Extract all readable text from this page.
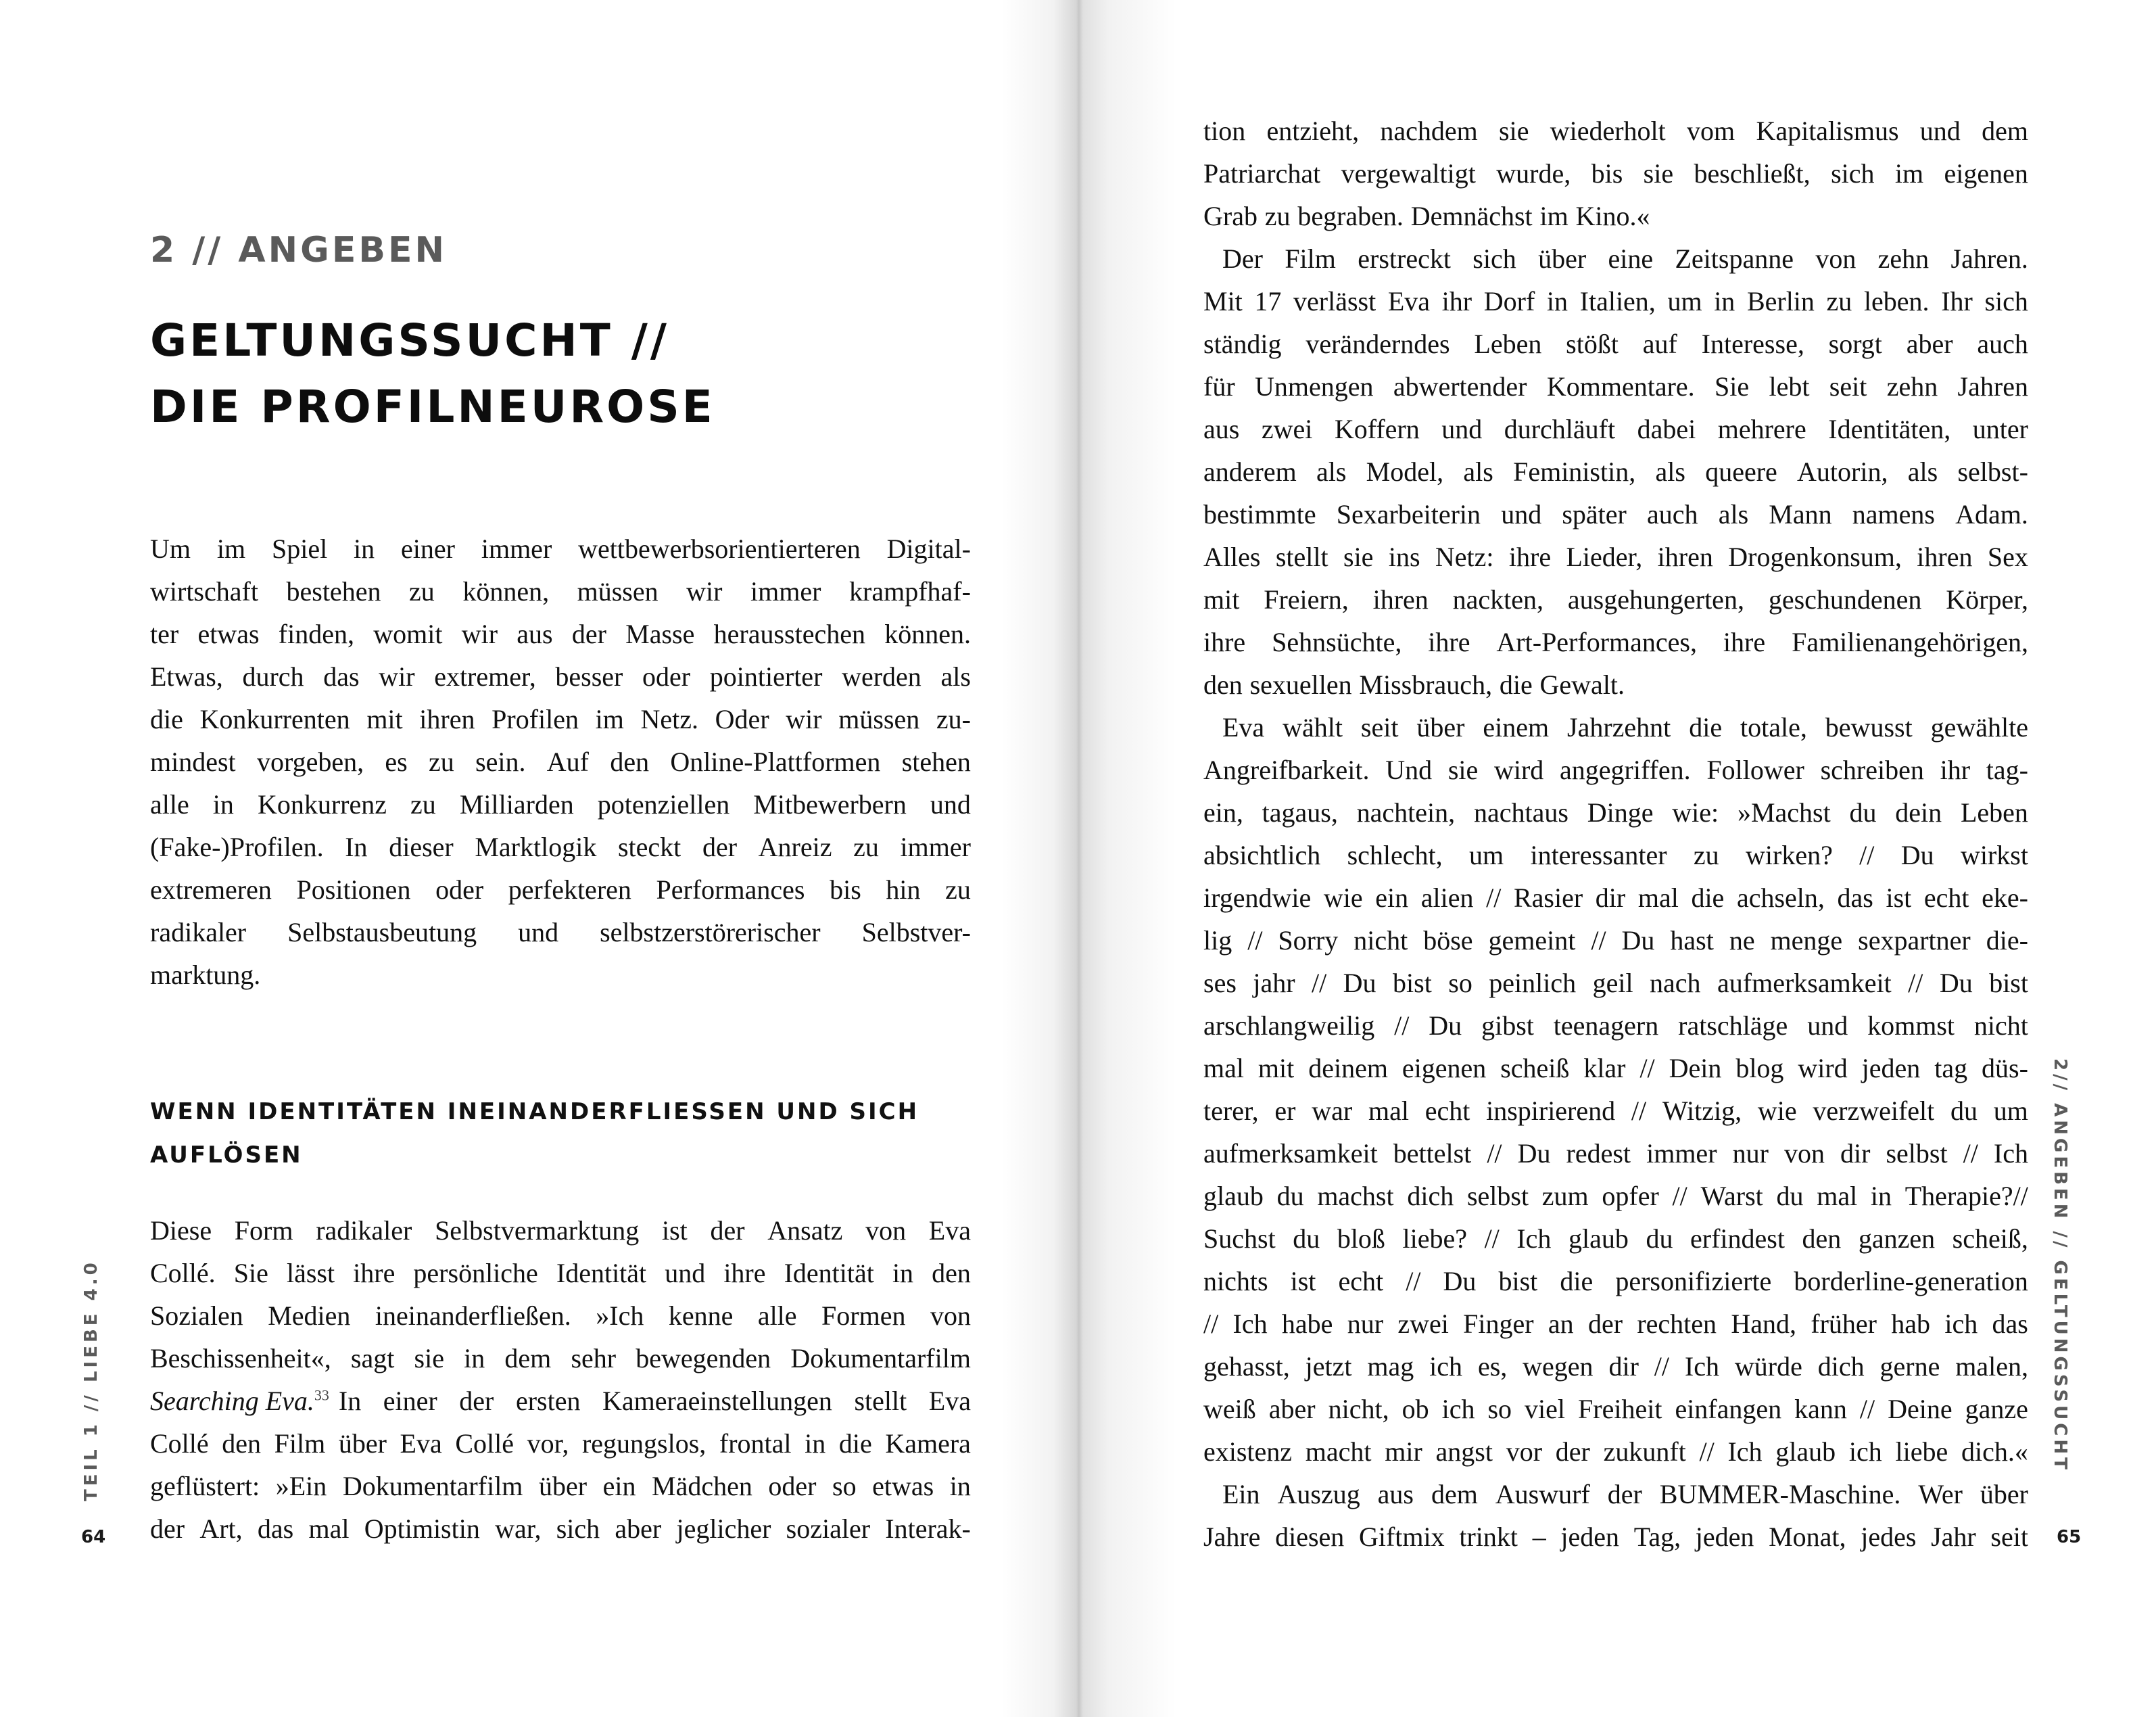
2 // ANGEBEN
GELTUNGSSUCHT //
DIE PROFILNEUROSE
Um im Spiel in einer immer wettbewerbsorientierteren Digital-
wirtschaft bestehen zu können, müssen wir immer krampfhaf-
ter etwas finden, womit wir aus der Masse herausstechen können.
Etwas, durch das wir extremer, besser oder pointierter werden als
die Konkurrenten mit ihren Profilen im Netz. Oder wir müssen zu-
mindest vorgeben, es zu sein. Auf den Online-Plattformen stehen
alle in Konkurrenz zu Milliarden potenziellen Mitbewerbern und
(Fake-)Profilen. In dieser Marktlogik steckt der Anreiz zu immer
extremeren Positionen oder perfekteren Performances bis hin zu
radikaler Selbstausbeutung und selbstzerstörerischer Selbstver-
marktung.
WENN IDENTITÄTEN INEINANDERFLIESSEN UND SICH
AUFLÖSEN
Diese Form radikaler Selbstvermarktung ist der Ansatz von Eva
Collé. Sie lässt ihre persönliche Identität und ihre Identität in den
Sozialen Medien ineinanderfließen. »Ich kenne alle Formen von
Beschissenheit«, sagt sie in dem sehr bewegenden Dokumentarfilm
Searching Eva.$^{33}$ In einer der ersten Kameraeinstellungen stellt Eva
Collé den Film über Eva Collé vor, regungslos, frontal in die Kamera
geflüstert: »Ein Dokumentarfilm über ein Mädchen oder so etwas in
der Art, das mal Optimistin war, sich aber jeglicher sozialer Interak-
TEIL 1 // LIEBE 4.0
64
tion entzieht, nachdem sie wiederholt vom Kapitalismus und dem
Patriarchat vergewaltigt wurde, bis sie beschließt, sich im eigenen
Grab zu begraben. Demnächst im Kino.«
Der Film erstreckt sich über eine Zeitspanne von zehn Jahren.
Mit 17 verlässt Eva ihr Dorf in Italien, um in Berlin zu leben. Ihr sich
ständig veränderndes Leben stößt auf Interesse, sorgt aber auch
für Unmengen abwertender Kommentare. Sie lebt seit zehn Jahren
aus zwei Koffern und durchläuft dabei mehrere Identitäten, unter
anderem als Model, als Feministin, als queere Autorin, als selbst-
bestimmte Sexarbeiterin und später auch als Mann namens Adam.
Alles stellt sie ins Netz: ihre Lieder, ihren Drogenkonsum, ihren Sex
mit Freiern, ihren nackten, ausgehungerten, geschundenen Körper,
ihre Sehnsüchte, ihre Art-Performances, ihre Familienangehörigen,
den sexuellen Missbrauch, die Gewalt.
Eva wählt seit über einem Jahrzehnt die totale, bewusst gewählte
Angreifbarkeit. Und sie wird angegriffen. Follower schreiben ihr tag-
ein, tagaus, nachtein, nachtaus Dinge wie: »Machst du dein Leben
absichtlich schlecht, um interessanter zu wirken? // Du wirkst
irgendwie wie ein alien // Rasier dir mal die achseln, das ist echt eke-
lig // Sorry nicht böse gemeint // Du hast ne menge sexpartner die-
ses jahr // Du bist so peinlich geil nach aufmerksamkeit // Du bist
arschlangweilig // Du gibst teenagern ratschläge und kommst nicht
mal mit deinem eigenen scheiß klar // Dein blog wird jeden tag düs-
terer, er war mal echt inspirierend // Witzig, wie verzweifelt du um
aufmerksamkeit bettelst // Du redest immer nur von dir selbst // Ich
glaub du machst dich selbst zum opfer // Warst du mal in Therapie?//
Suchst du bloß liebe? // Ich glaub du erfindest den ganzen scheiß,
nichts ist echt // Du bist die personifizierte borderline-generation
// Ich habe nur zwei Finger an der rechten Hand, früher hab ich das
gehasst, jetzt mag ich es, wegen dir // Ich würde dich gerne malen,
weiß aber nicht, ob ich so viel Freiheit einfangen kann // Deine ganze
existenz macht mir angst vor der zukunft // Ich glaub ich liebe dich.«
Ein Auszug aus dem Auswurf der BUMMER-Maschine. Wer über
Jahre diesen Giftmix trinkt – jeden Tag, jeden Monat, jedes Jahr seit
2// ANGEBEN // GELTUNGSSUCHT
65
